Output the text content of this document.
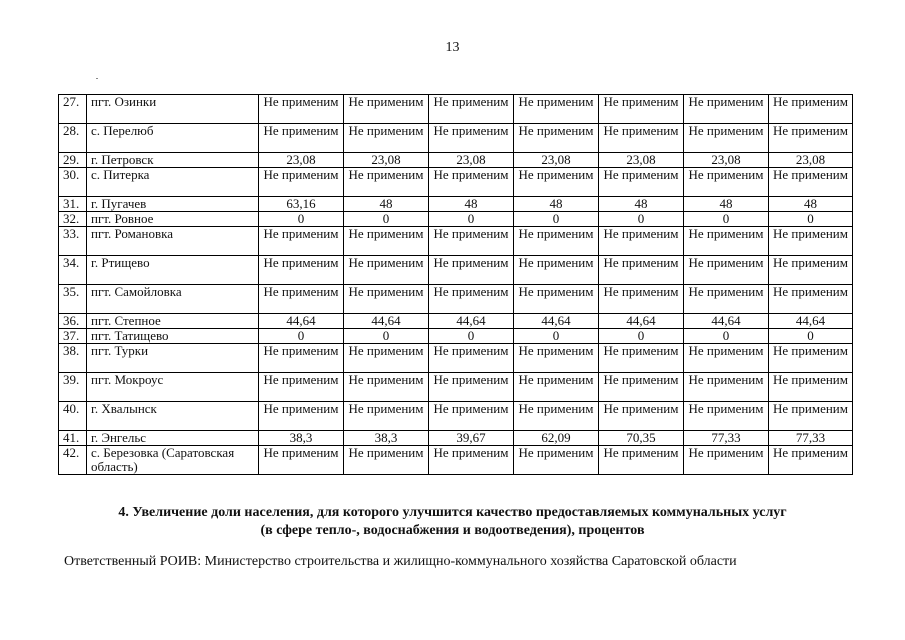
13
27.	пгт. Озинки	Не применим	Не применим	Не применим	Не применим	Не применим	Не применим	Не применим
28.	с. Перелюб	Не применим	Не применим	Не применим	Не применим	Не применим	Не применим	Не применим
29.	г. Петровск	23,08	23,08	23,08	23,08	23,08	23,08	23,08
30.	с. Питерка	Не применим	Не применим	Не применим	Не применим	Не применим	Не применим	Не применим
31.	г. Пугачев	63,16	48	48	48	48	48	48
32.	пгт. Ровное	0	0	0	0	0	0	0
33.	пгт. Романовка	Не применим	Не применим	Не применим	Не применим	Не применим	Не применим	Не применим
34.	г. Ртищево	Не применим	Не применим	Не применим	Не применим	Не применим	Не применим	Не применим
35.	пгт. Самойловка	Не применим	Не применим	Не применим	Не применим	Не применим	Не применим	Не применим
36.	пгт. Степное	44,64	44,64	44,64	44,64	44,64	44,64	44,64
37.	пгт. Татищево	0	0	0	0	0	0	0
38.	пгт. Турки	Не применим	Не применим	Не применим	Не применим	Не применим	Не применим	Не применим
39.	пгт. Мокроус	Не применим	Не применим	Не применим	Не применим	Не применим	Не применим	Не применим
40.	г. Хвалынск	Не применим	Не применим	Не применим	Не применим	Не применим	Не применим	Не применим
41.	г. Энгельс	38,3	38,3	39,67	62,09	70,35	77,33	77,33
42.	с. Березовка (Саратовская область)	Не применим	Не применим	Не применим	Не применим	Не применим	Не применим	Не применим
4. Увеличение доли населения, для которого улучшится качество предоставляемых коммунальных услуг
(в сфере тепло-, водоснабжения и водоотведения), процентов
Ответственный РОИВ: Министерство строительства и жилищно-коммунального хозяйства Саратовской области
